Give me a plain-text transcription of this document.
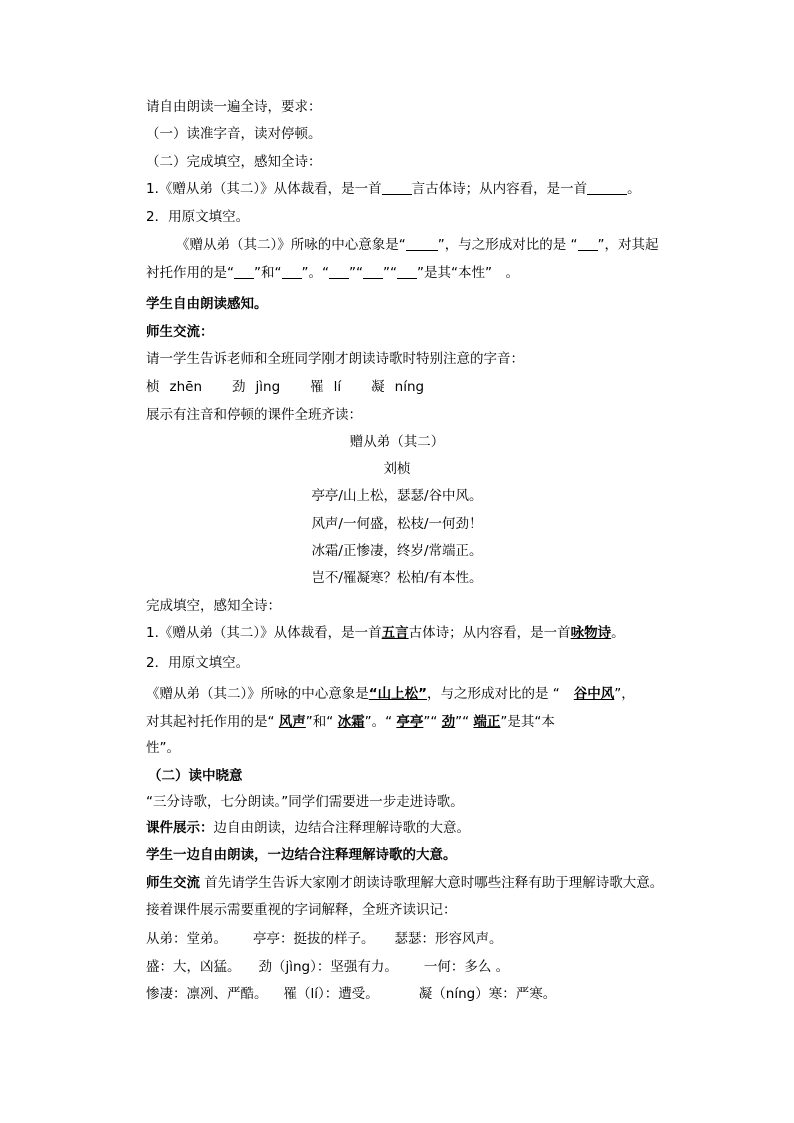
请自由朗读一遍全诗，要求：
（一）读准字音，读对停顿。
（二）完成填空，感知全诗：
1.《赠从弟（其二）》从体裁看，是一首 言古体诗；从内容看，是一首	。
2．用原文填空。
《赠从弟（其二）》所咏的中心意象是“ ”，与之形成对比的是 “ ”，对其起
衬托作用的是“ ”和“ ”。“ ”“ ”“ ”是其“本性”　。
学生自由朗读感知。
师生交流：
请一学生告诉老师和全班同学刚才朗读诗歌时特别注意的字音：
桢 zhēn 劲 jìng 罹 lí 凝 níng
展示有注音和停顿的课件全班齐读：
赠从弟（其二）
刘桢
亭亭/山上松，瑟瑟/谷中风。
风声/一何盛，松枝/一何劲！
冰霜/正惨凄，终岁/常端正。
岂不/罹凝寒？松柏/有本性。
完成填空，感知全诗：
1.《赠从弟（其二）》从体裁看，是一首五言古体诗；从内容看，是一首咏物诗。
2．用原文填空。
《赠从弟（其二）》所咏的中心意象是“山上松”，与之形成对比的是 “ 谷中风”，
对其起衬托作用的是“ 风声”和“ 冰霜”。“ 亭亭”“ 劲”“ 端正”是其“本
性”。
（二）读中晓意
“三分诗歌，七分朗读。”同学们需要进一步走进诗歌。
课件展示：边自由朗读，边结合注释理解诗歌的大意。
学生一边自由朗读，一边结合注释理解诗歌的大意。
师生交流 首先请学生告诉大家刚才朗读诗歌理解大意时哪些注释有助于理解诗歌大意。
接着课件展示需要重视的字词解释，全班齐读识记：
从弟：堂弟。 亭亭：挺拔的样子。 瑟瑟：形容风声。
盛：大，凶猛。 劲（jìng）：坚强有力。 一何：多么 。
惨凄：凛冽、严酷。 罹（lí）：遭受。	凝（níng）寒：严寒。
